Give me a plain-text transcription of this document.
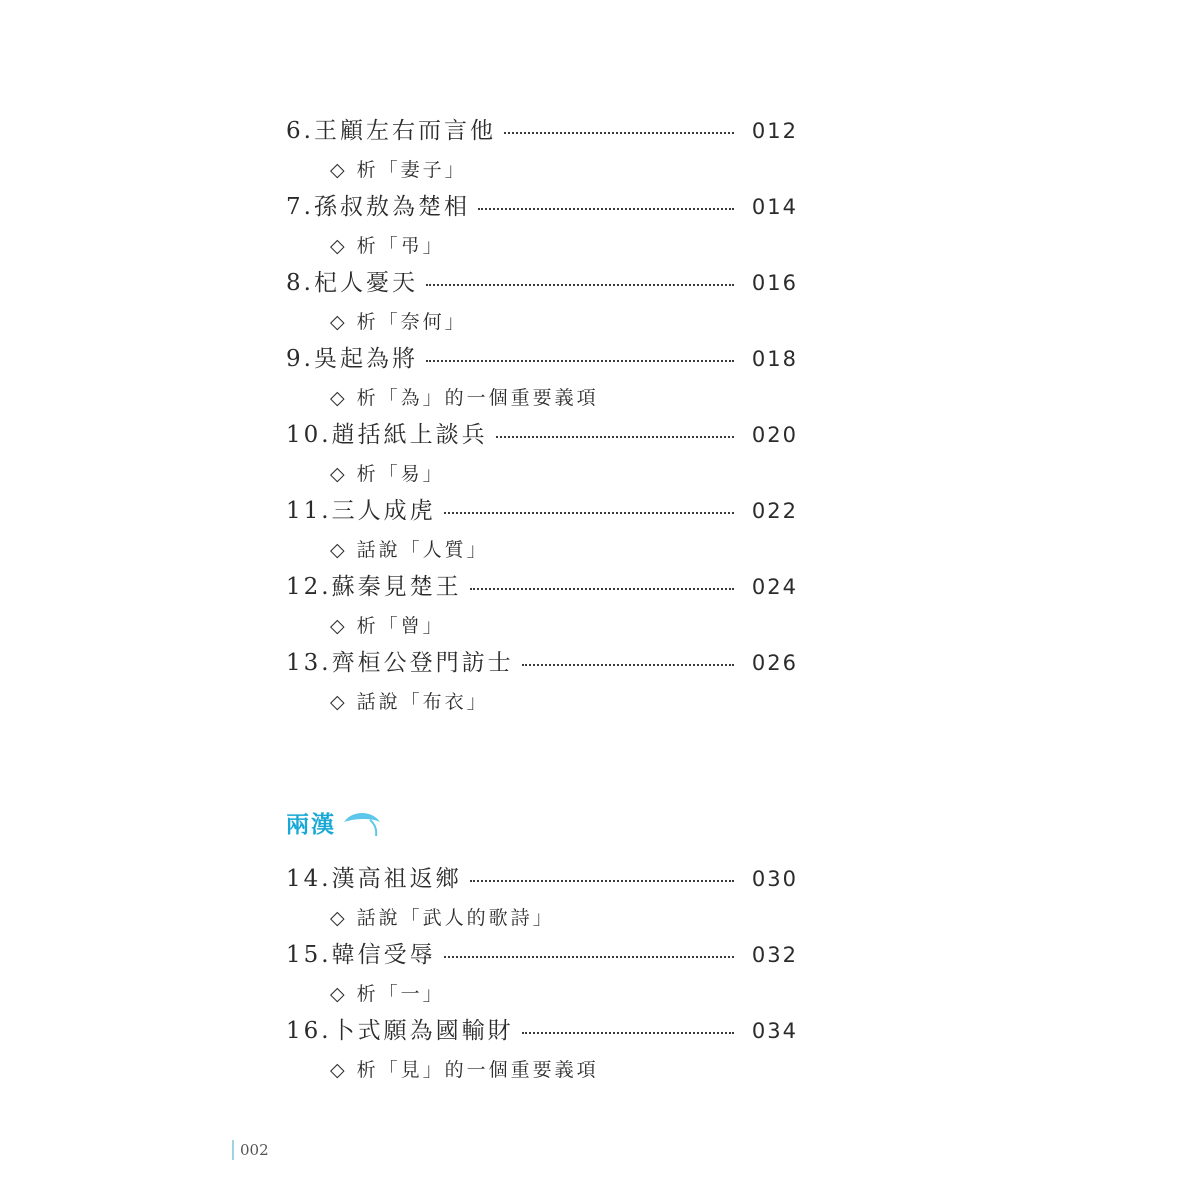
6.王顧左右而言他	012
◇ 析「妻子」
7.孫叔敖為楚相	014
◇ 析「弔」
8.杞人憂天	016
◇ 析「奈何」
9.吳起為將	018
◇ 析「為」的一個重要義項
10.趙括紙上談兵	020
◇ 析「易」
11.三人成虎	022
◇ 話說「人質」
12.蘇秦見楚王	024
◇ 析「曾」
13.齊桓公登門訪士	026
◇ 話說「布衣」
兩漢
14.漢高祖返鄉	030
◇ 話說「武人的歌詩」
15.韓信受辱	032
◇ 析「一」
16.卜式願為國輸財	034
◇ 析「見」的一個重要義項
002
